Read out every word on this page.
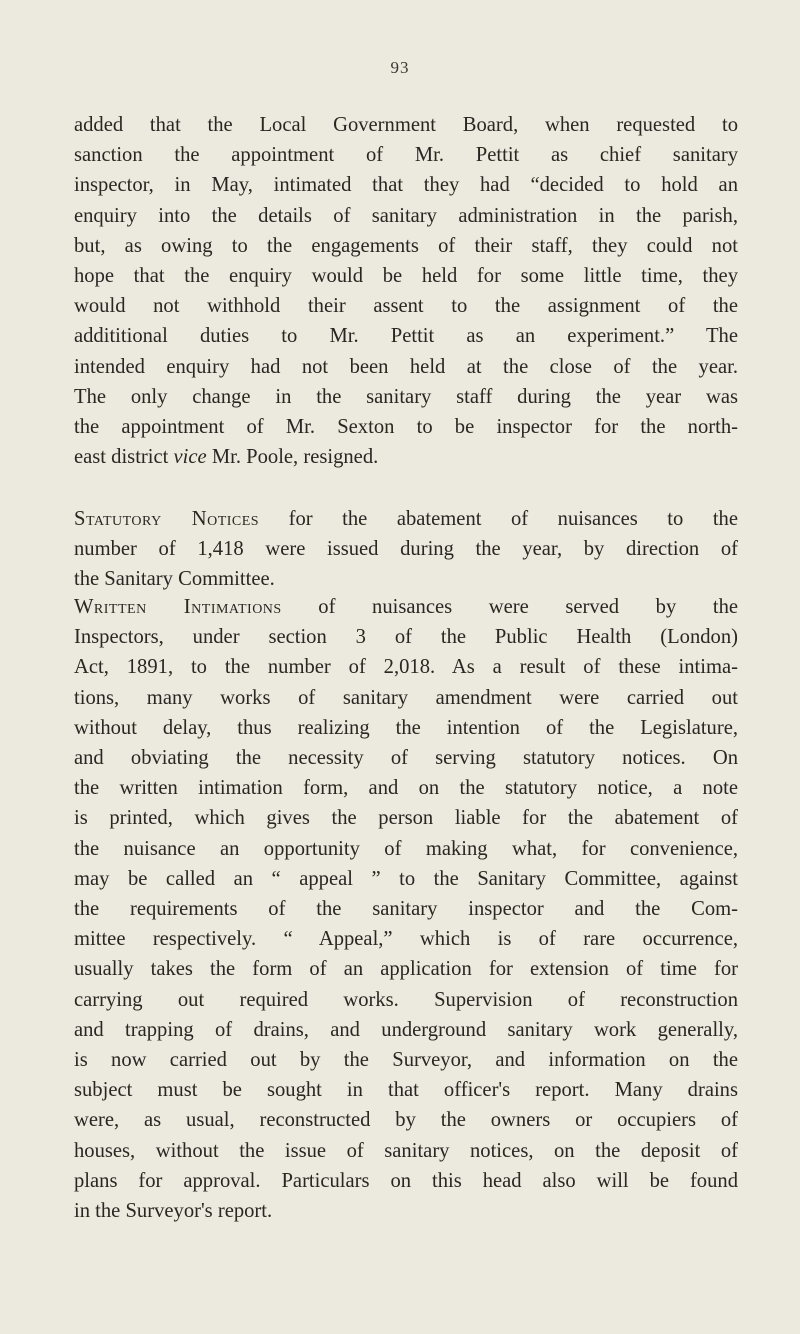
93
added that the Local Government Board, when requested to
sanction the appointment of Mr. Pettit as chief sanitary
inspector, in May, intimated that they had “decided to hold an
enquiry into the details of sanitary administration in the parish,
but, as owing to the engagements of their staff, they could not
hope that the enquiry would be held for some little time, they
would not withhold their assent to the assignment of the
addititional duties to Mr. Pettit as an experiment.” The
intended enquiry had not been held at the close of the year.
The only change in the sanitary staff during the year was
the appointment of Mr. Sexton to be inspector for the north-
east district vice Mr. Poole, resigned.
Statutory Notices for the abatement of nuisances to the
number of 1,418 were issued during the year, by direction of
the Sanitary Committee.
Written Intimations of nuisances were served by the
Inspectors, under section 3 of the Public Health (London)
Act, 1891, to the number of 2,018. As a result of these intima-
tions, many works of sanitary amendment were carried out
without delay, thus realizing the intention of the Legislature,
and obviating the necessity of serving statutory notices. On
the written intimation form, and on the statutory notice, a note
is printed, which gives the person liable for the abatement of
the nuisance an opportunity of making what, for convenience,
may be called an “ appeal ” to the Sanitary Committee, against
the requirements of the sanitary inspector and the Com-
mittee respectively. “ Appeal,” which is of rare occurrence,
usually takes the form of an application for extension of time for
carrying out required works. Supervision of reconstruction
and trapping of drains, and underground sanitary work generally,
is now carried out by the Surveyor, and information on the
subject must be sought in that officer's report. Many drains
were, as usual, reconstructed by the owners or occupiers of
houses, without the issue of sanitary notices, on the deposit of
plans for approval. Particulars on this head also will be found
in the Surveyor's report.
